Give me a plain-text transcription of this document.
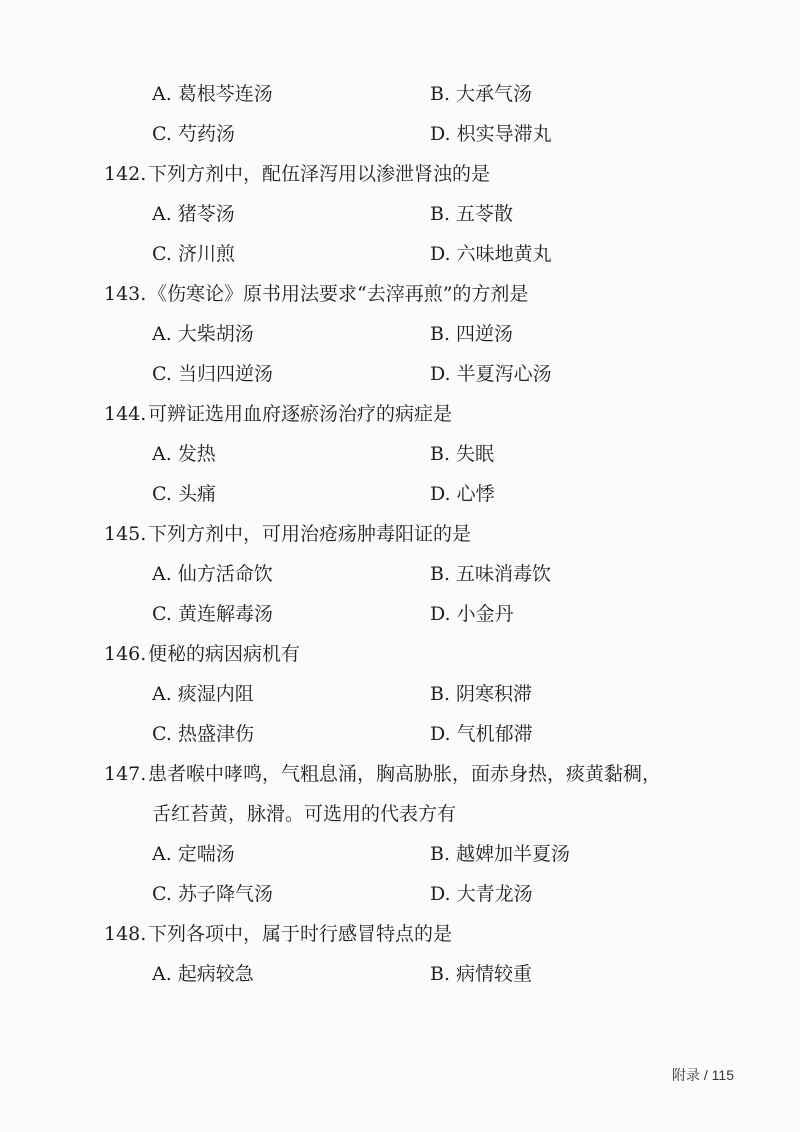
附录 / 115
A. 葛根芩连汤	B. 大承气汤
C. 芍药汤	D. 枳实导滞丸
142.下列方剂中，配伍泽泻用以渗泄肾浊的是
A. 猪苓汤	B. 五苓散
C. 济川煎	D. 六味地黄丸
143.《伤寒论》原书用法要求“去滓再煎”的方剂是
A. 大柴胡汤	B. 四逆汤
C. 当归四逆汤	D. 半夏泻心汤
144.可辨证选用血府逐瘀汤治疗的病症是
A. 发热	B. 失眠
C. 头痛	D. 心悸
145.下列方剂中，可用治疮疡肿毒阳证的是
A. 仙方活命饮	B. 五味消毒饮
C. 黄连解毒汤	D. 小金丹
146.便秘的病因病机有
A. 痰湿内阻	B. 阴寒积滞
C. 热盛津伤	D. 气机郁滞
147.患者喉中哮鸣，气粗息涌，胸高胁胀，面赤身热，痰黄黏稠，
舌红苔黄，脉滑。可选用的代表方有
A. 定喘汤	B. 越婢加半夏汤
C. 苏子降气汤	D. 大青龙汤
148.下列各项中，属于时行感冒特点的是
A. 起病较急	B. 病情较重
